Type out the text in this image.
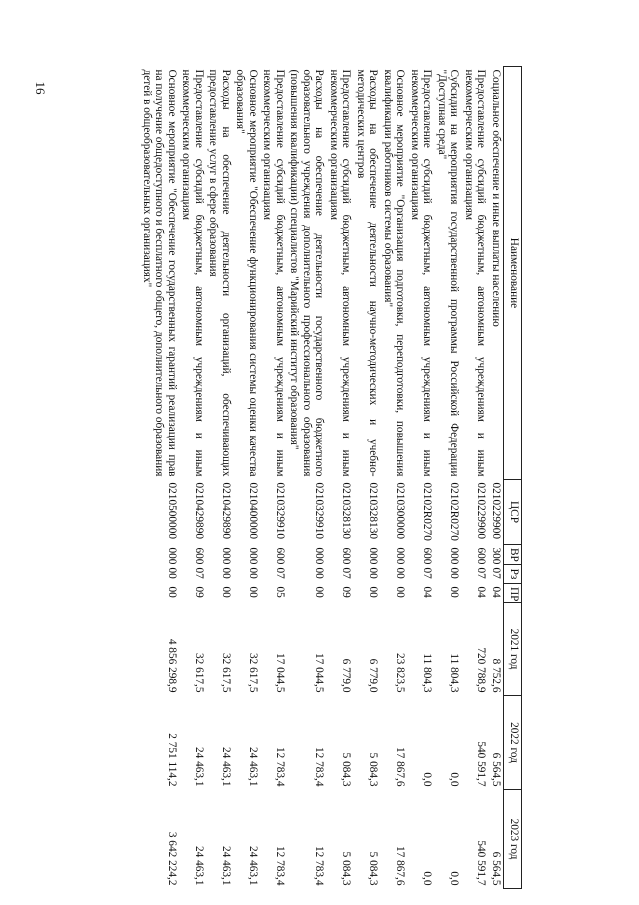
16
Наименование	ЦСР	ВР	Рз	ПР	2021 год	2022 год	2023 год
Социальное обеспечение и иные выплаты населению	0210229900	300	07	04	8 752,6	6 564,5	6 564,5
Предоставление субсидий бюджетным, автономным учреждениям и иным некоммерческим организациям	0210229900	600	07	04	720 788,9	540 591,7	540 591,7
Субсидии на мероприятия государственной программы Российской Федерации "Доступная среда"	02102R0270	000	00	00	11 804,3	0,0	0,0
Предоставление субсидий бюджетным, автономным учреждениям и иным некоммерческим организациям	02102R0270	600	07	04	11 804,3	0,0	0,0
Основное мероприятие "Организация подготовки, переподготовки, повышения квалификации работников системы образования"	0210300000	000	00	00	23 823,5	17 867,6	17 867,6
Расходы на обеспечение деятельности научно-методических и учебно-методических центров	0210328130	000	00	00	6 779,0	5 084,3	5 084,3
Предоставление субсидий бюджетным, автономным учреждениям и иным некоммерческим организациям	0210328130	600	07	09	6 779,0	5 084,3	5 084,3
Расходы на обеспечение деятельности государственного бюджетного образовательного учреждения дополнительного профессионального образования (повышения квалификации) специалистов "Марийский институт образования"	0210329910	000	00	00	17 044,5	12 783,4	12 783,4
Предоставление субсидий бюджетным, автономным учреждениям и иным некоммерческим организациям	0210329910	600	07	05	17 044,5	12 783,4	12 783,4
Основное мероприятие "Обеспечение функционирования системы оценки качества образования"	0210400000	000	00	00	32 617,5	24 463,1	24 463,1
Расходы на обеспечение деятельности организаций, обеспечивающих предоставление услуг в сфере образования	0210429890	000	00	00	32 617,5	24 463,1	24 463,1
Предоставление субсидий бюджетным, автономным учреждениям и иным некоммерческим организациям	0210429890	600	07	09	32 617,5	24 463,1	24 463,1
Основное мероприятие "Обеспечение государственных гарантий реализации прав на получение общедоступного и бесплатного общего, дополнительного образования детей в общеобразовательных организациях"	0210500000	000	00	00	4 856 298,9	2 751 114,2	3 642 224,2
